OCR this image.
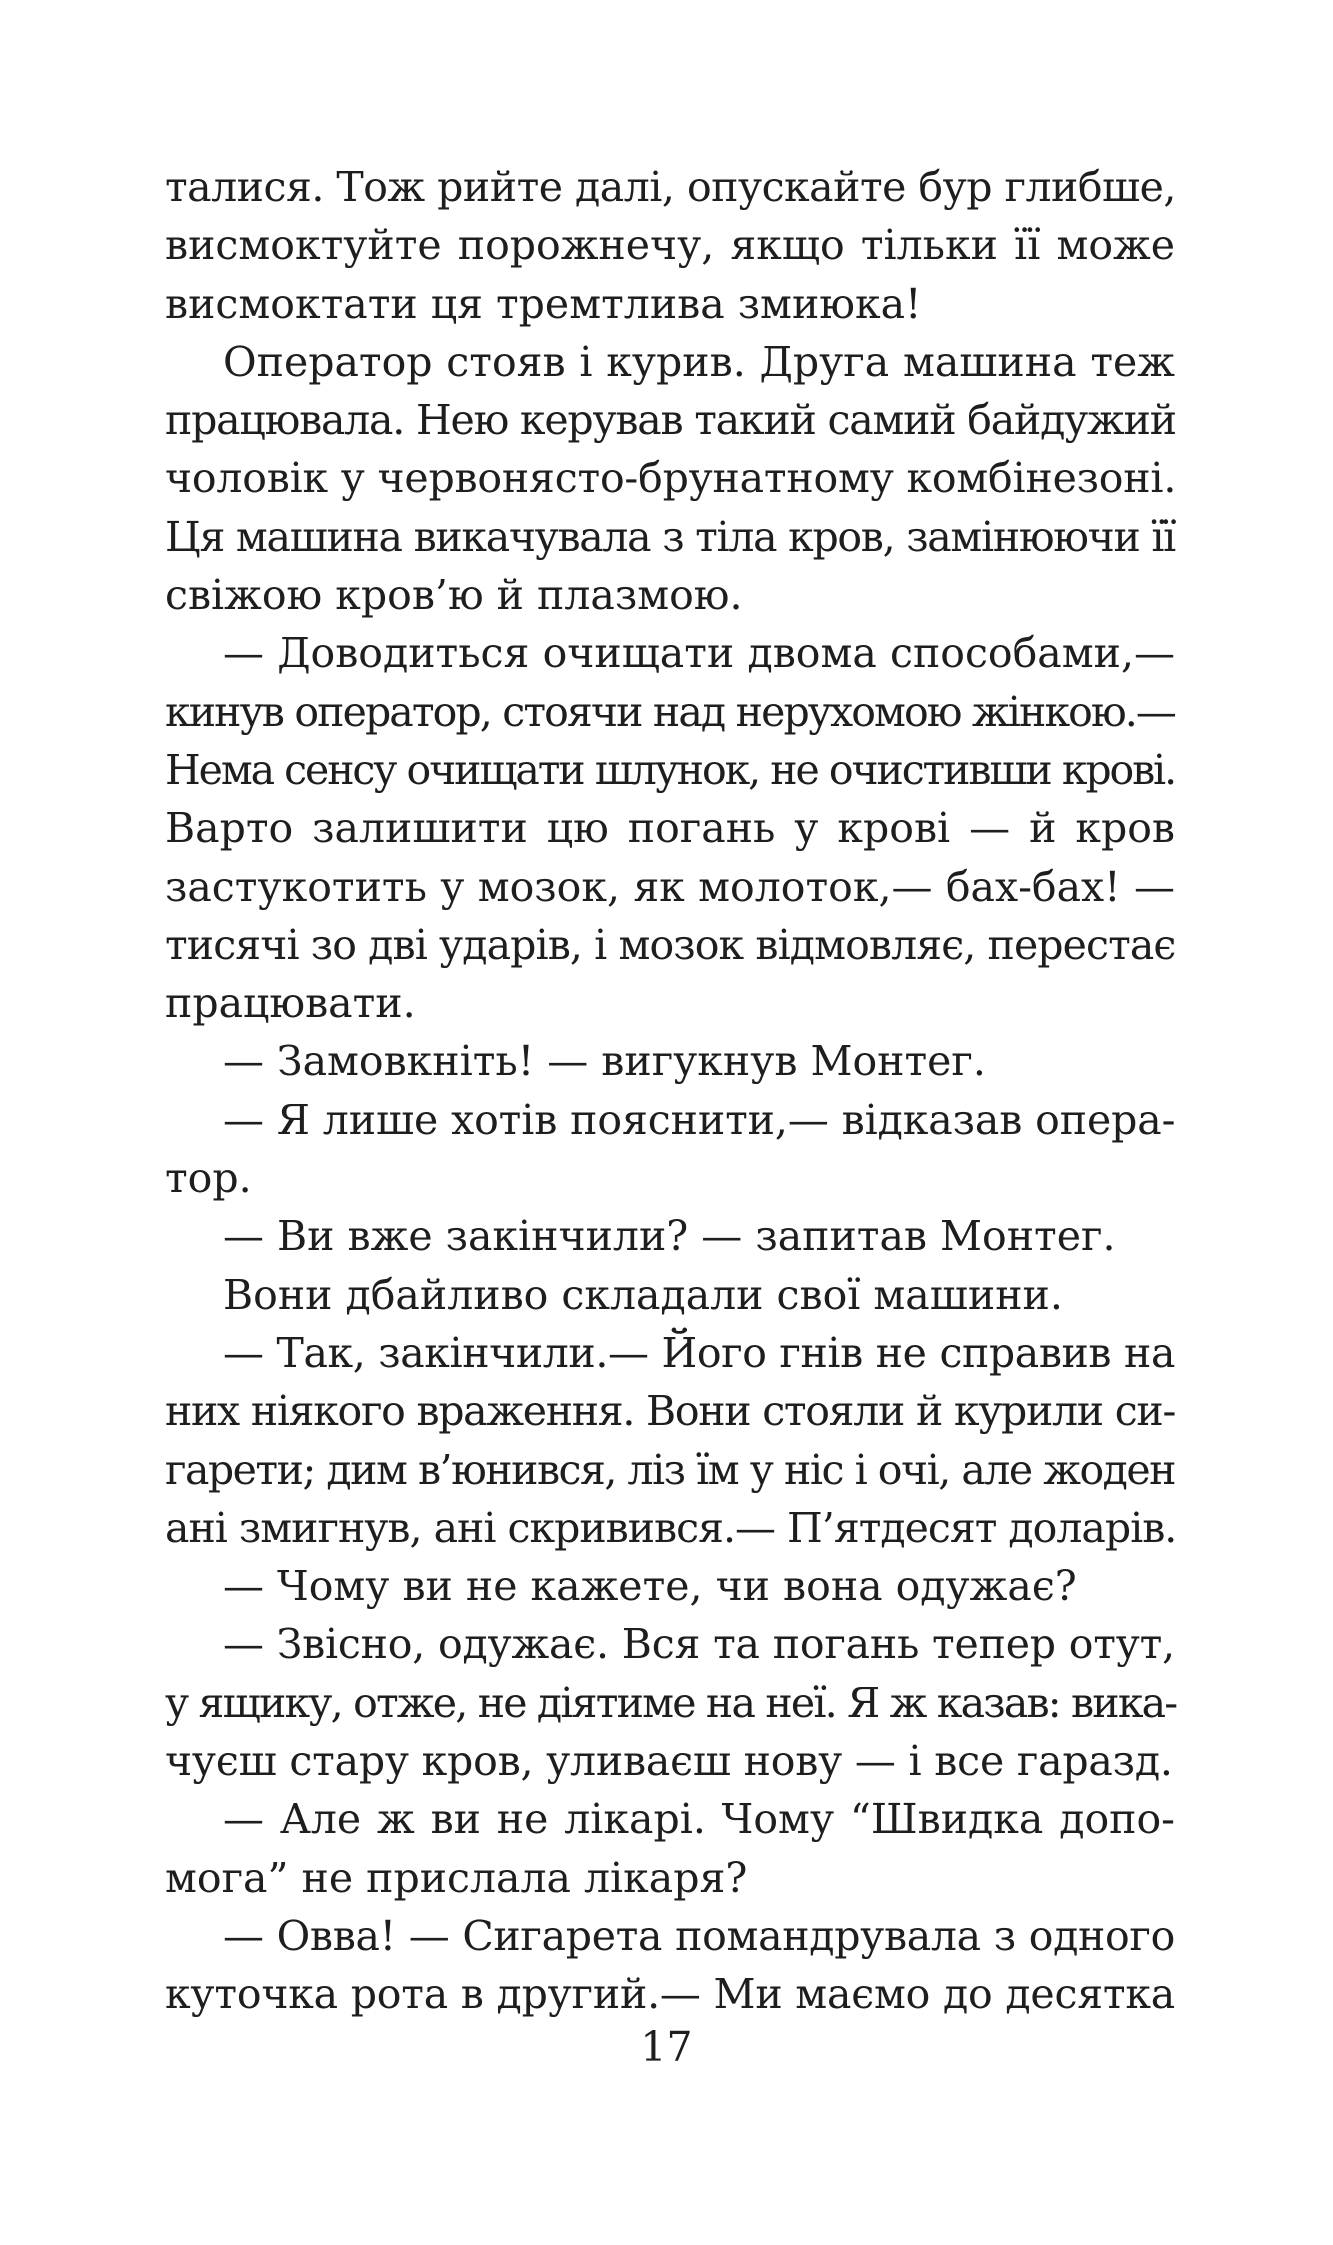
талися. Тож рийте далі, опускайте бур глибше,
висмоктуйте порожнечу, якщо тільки її може
висмоктати ця тремтлива змиюка!
Оператор стояв і курив. Друга машина теж
працювала. Нею керував такий самий байдужий
чоловік у червонясто-брунатному комбінезоні.
Ця машина викачувала з тіла кров, замінюючи її
свіжою кров’ю й плазмою.
— Доводиться очищати двома способами,—
кинув оператор, стоячи над нерухомою жінкою.—
Нема сенсу очищати шлунок, не очистивши крові.
Варто залишити цю погань у крові — й кров
застукотить у мозок, як молоток,— бах-бах! —
тисячі зо дві ударів, і мозок відмовляє, перестає
працювати.
— Замовкніть! — вигукнув Монтег.
— Я лише хотів пояснити,— відказав опера-
тор.
— Ви вже закінчили? — запитав Монтег.
Вони дбайливо складали свої машини.
— Так, закінчили.— Його гнів не справив на
них ніякого враження. Вони стояли й курили си-
гарети; дим в’юнився, ліз їм у ніс і очі, але жоден
ані змигнув, ані скривився.— П’ятдесят доларів.
— Чому ви не кажете, чи вона одужає?
— Звісно, одужає. Вся та погань тепер отут,
у ящику, отже, не діятиме на неї. Я ж казав: вика-
чуєш стару кров, уливаєш нову — і все гаразд.
— Але ж ви не лікарі. Чому “Швидка допо-
мога” не прислала лікаря?
— Овва! — Сигарета помандрувала з одного
куточка рота в другий.— Ми маємо до десятка
17
